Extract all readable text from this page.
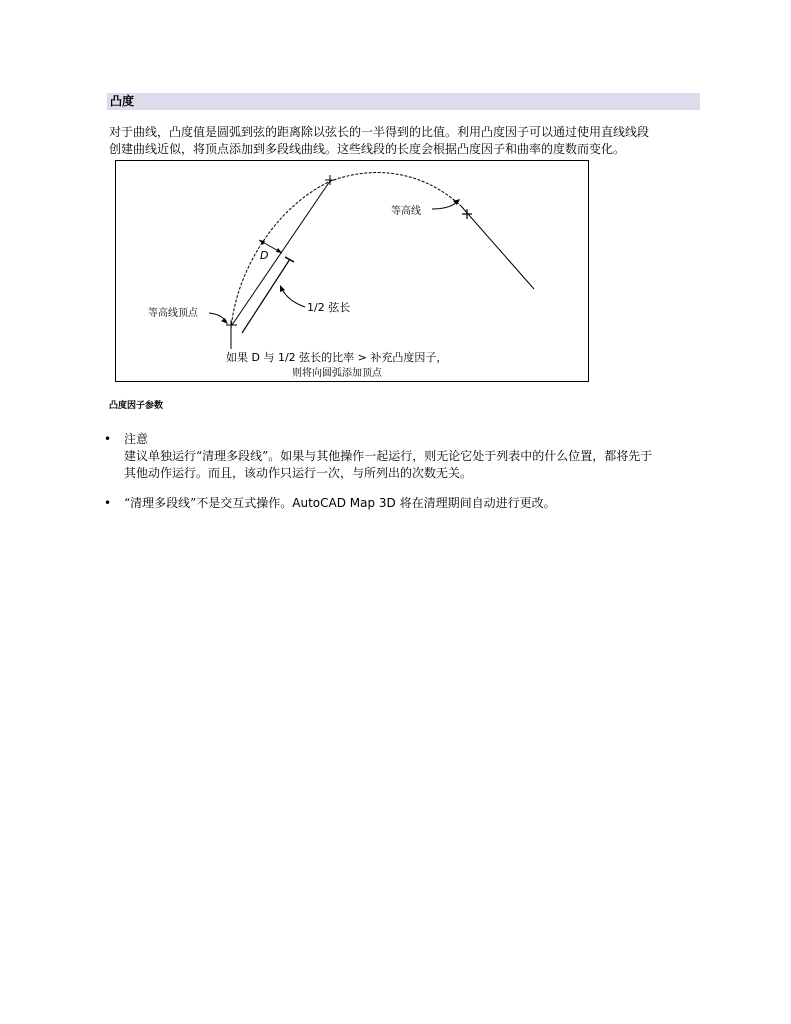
凸度
对于曲线，凸度值是圆弧到弦的距离除以弦长的一半得到的比值。利用凸度因子可以通过使用直线线段
创建曲线近似，将顶点添加到多段线曲线。这些线段的长度会根据凸度因子和曲率的度数而变化。
等高线
D
1/2 弦长
等高线顶点
如果 D 与 1/2 弦长的比率 > 补充凸度因子，
则将向圆弧添加顶点
凸度因子参数
• 注意
建议单独运行“清理多段线”。如果与其他操作一起运行，则无论它处于列表中的什么位置，都将先于
其他动作运行。而且，该动作只运行一次，与所列出的次数无关。
• “清理多段线”不是交互式操作。AutoCAD Map 3D 将在清理期间自动进行更改。
